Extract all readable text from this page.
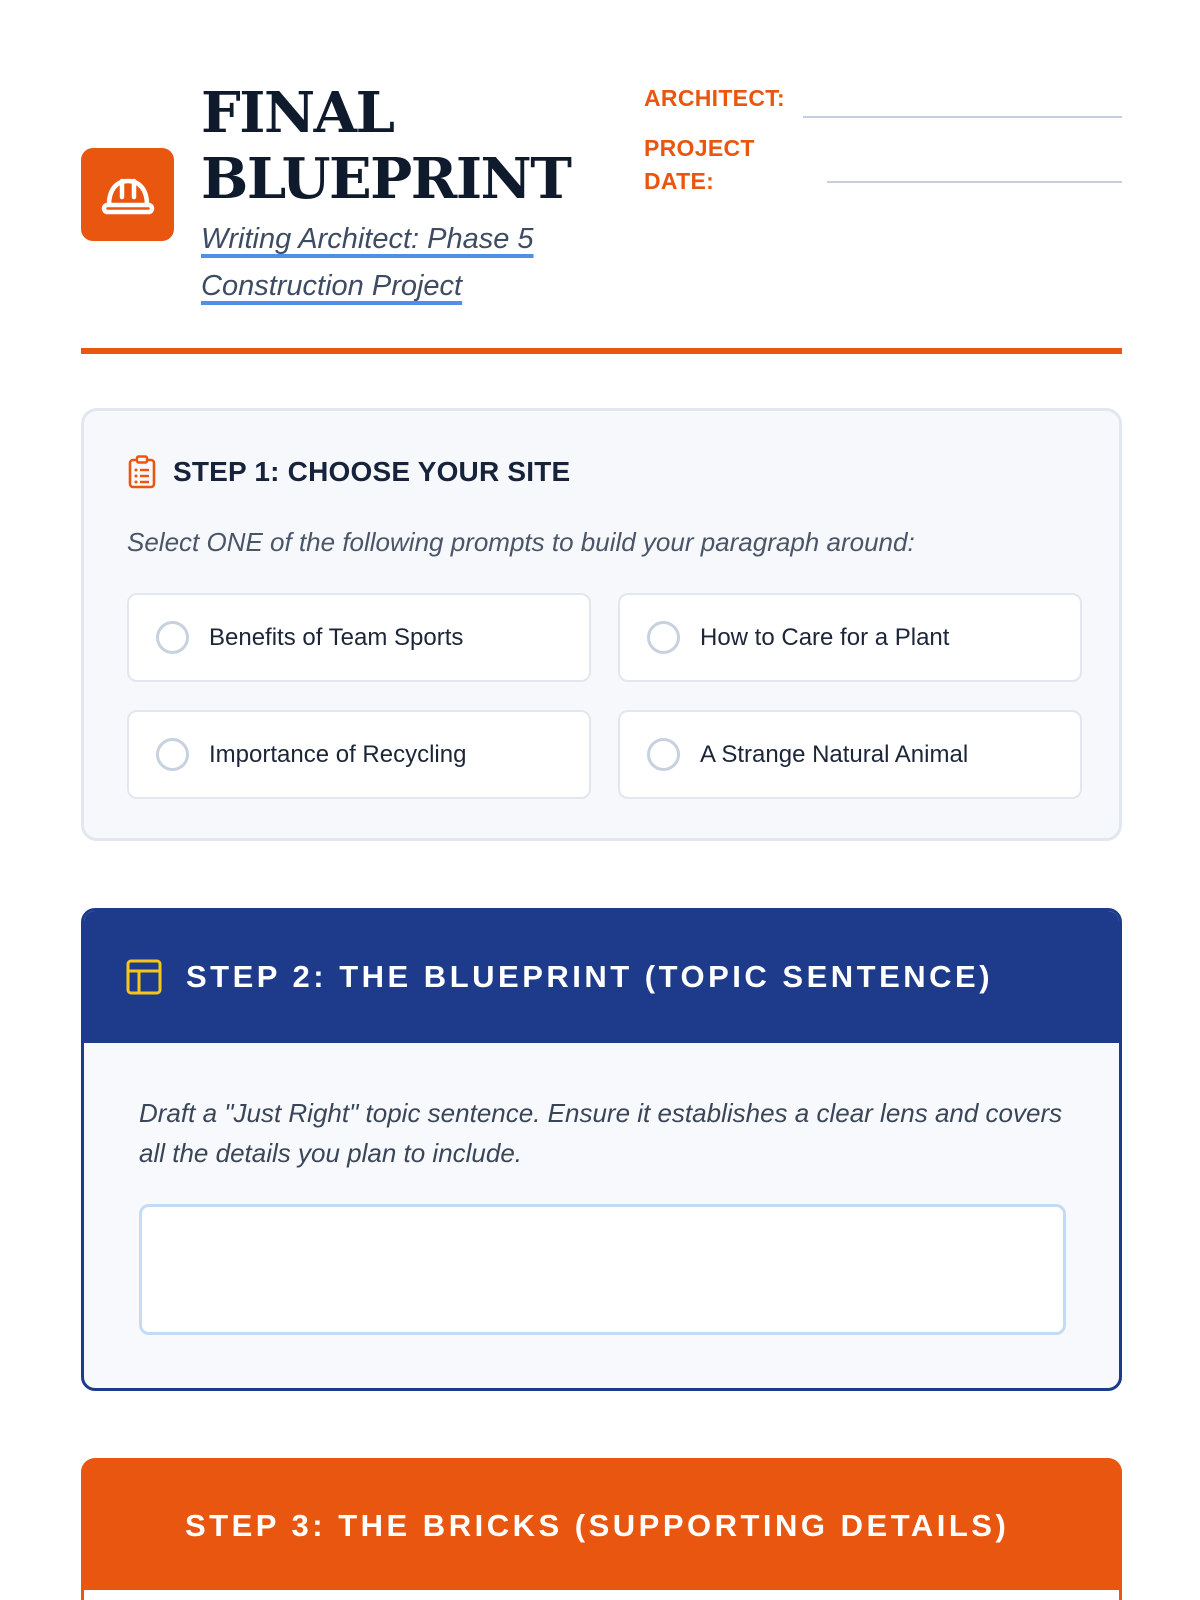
FINAL
BLUEPRINT
Writing Architect: Phase 5
Construction Project
ARCHITECT:
PROJECT
DATE:
STEP 1: CHOOSE YOUR SITE
Select ONE of the following prompts to build your paragraph around:
Benefits of Team Sports	How to Care for a Plant
Importance of Recycling	A Strange Natural Animal
STEP 2: THE BLUEPRINT (TOPIC SENTENCE)
Draft a "Just Right" topic sentence. Ensure it establishes a clear lens and covers all the details you plan to include.
STEP 3: THE BRICKS (SUPPORTING DETAILS)
